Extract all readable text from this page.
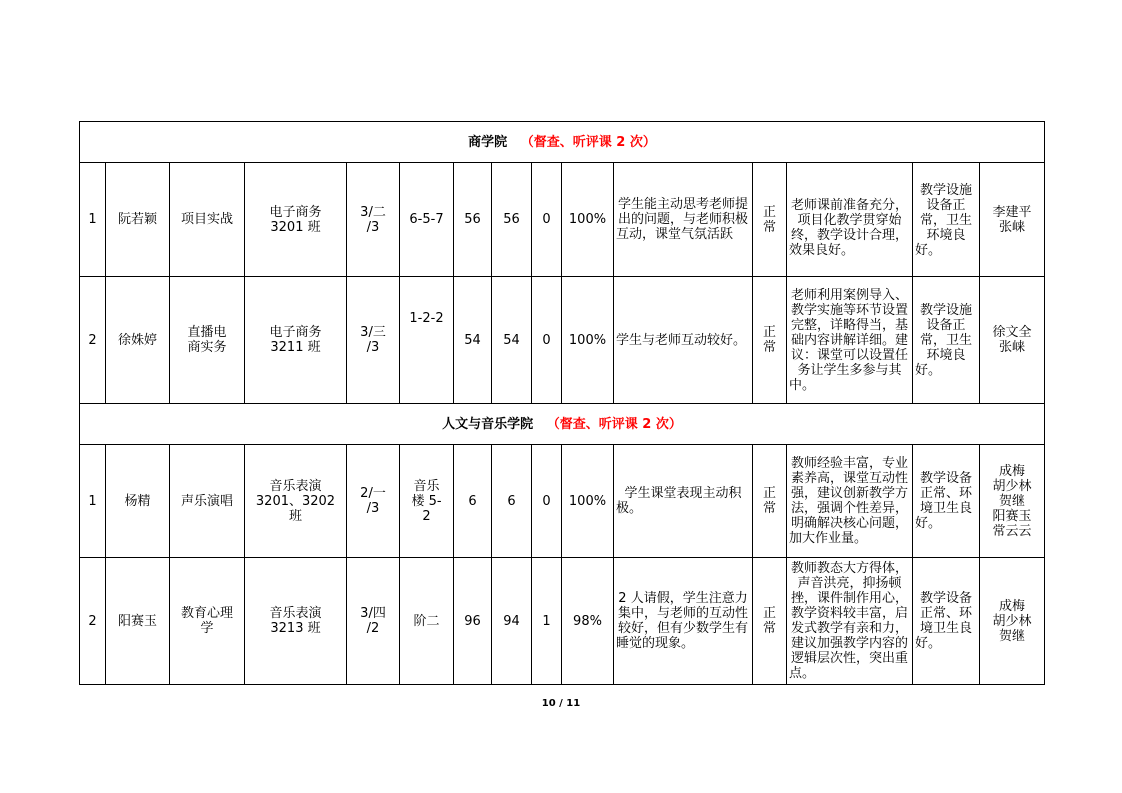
商学院 （督查、听评课 2 次）														
1	阮若颖	项目实战	电子商务 3201 班	3/二 /3	6-5-7	56	56	0	100%	学生能主动思考老师提出的问题，与老师积极互动，课堂气氛活跃	正常	老师课前准备充分，项目化教学贯穿始终，教学设计合理，效果良好。	教学设施设备正常，卫生环境良好。	李建平 张崃
2	徐姝婷	直播电商实务	电子商务 3211 班	3/三 /3	1-2-2	54	54	0	100%	学生与老师互动较好。	正常	老师利用案例导入、教学实施等环节设置完整，详略得当，基础内容讲解详细。建议：课堂可以设置任务让学生多参与其中。	教学设施设备正常，卫生环境良好。	徐文全 张崃
人文与音乐学院 （督查、听评课 2 次）														
1	杨精	声乐演唱	音乐表演 3201、3202 班	2/一 /3	音乐楼 5-2	6	6	0	100%	学生课堂表现主动积极。	正常	教师经验丰富，专业素养高，课堂互动性强，建议创新教学方法，强调个性差异，明确解决核心问题，加大作业量。	教学设备正常、环境卫生良好。	成梅 胡少林 贺继 阳赛玉 常云云
2	阳赛玉	教育心理学	音乐表演 3213 班	3/四 /2	阶二	96	94	1	98%	2 人请假，学生注意力集中，与老师的互动性较好，但有少数学生有睡觉的现象。	正常	教师教态大方得体，声音洪亮，抑扬顿挫，课件制作用心，教学资料较丰富，启发式教学有亲和力，建议加强教学内容的逻辑层次性，突出重点。	教学设备正常、环境卫生良好。	成梅 胡少林 贺继
10 / 11
